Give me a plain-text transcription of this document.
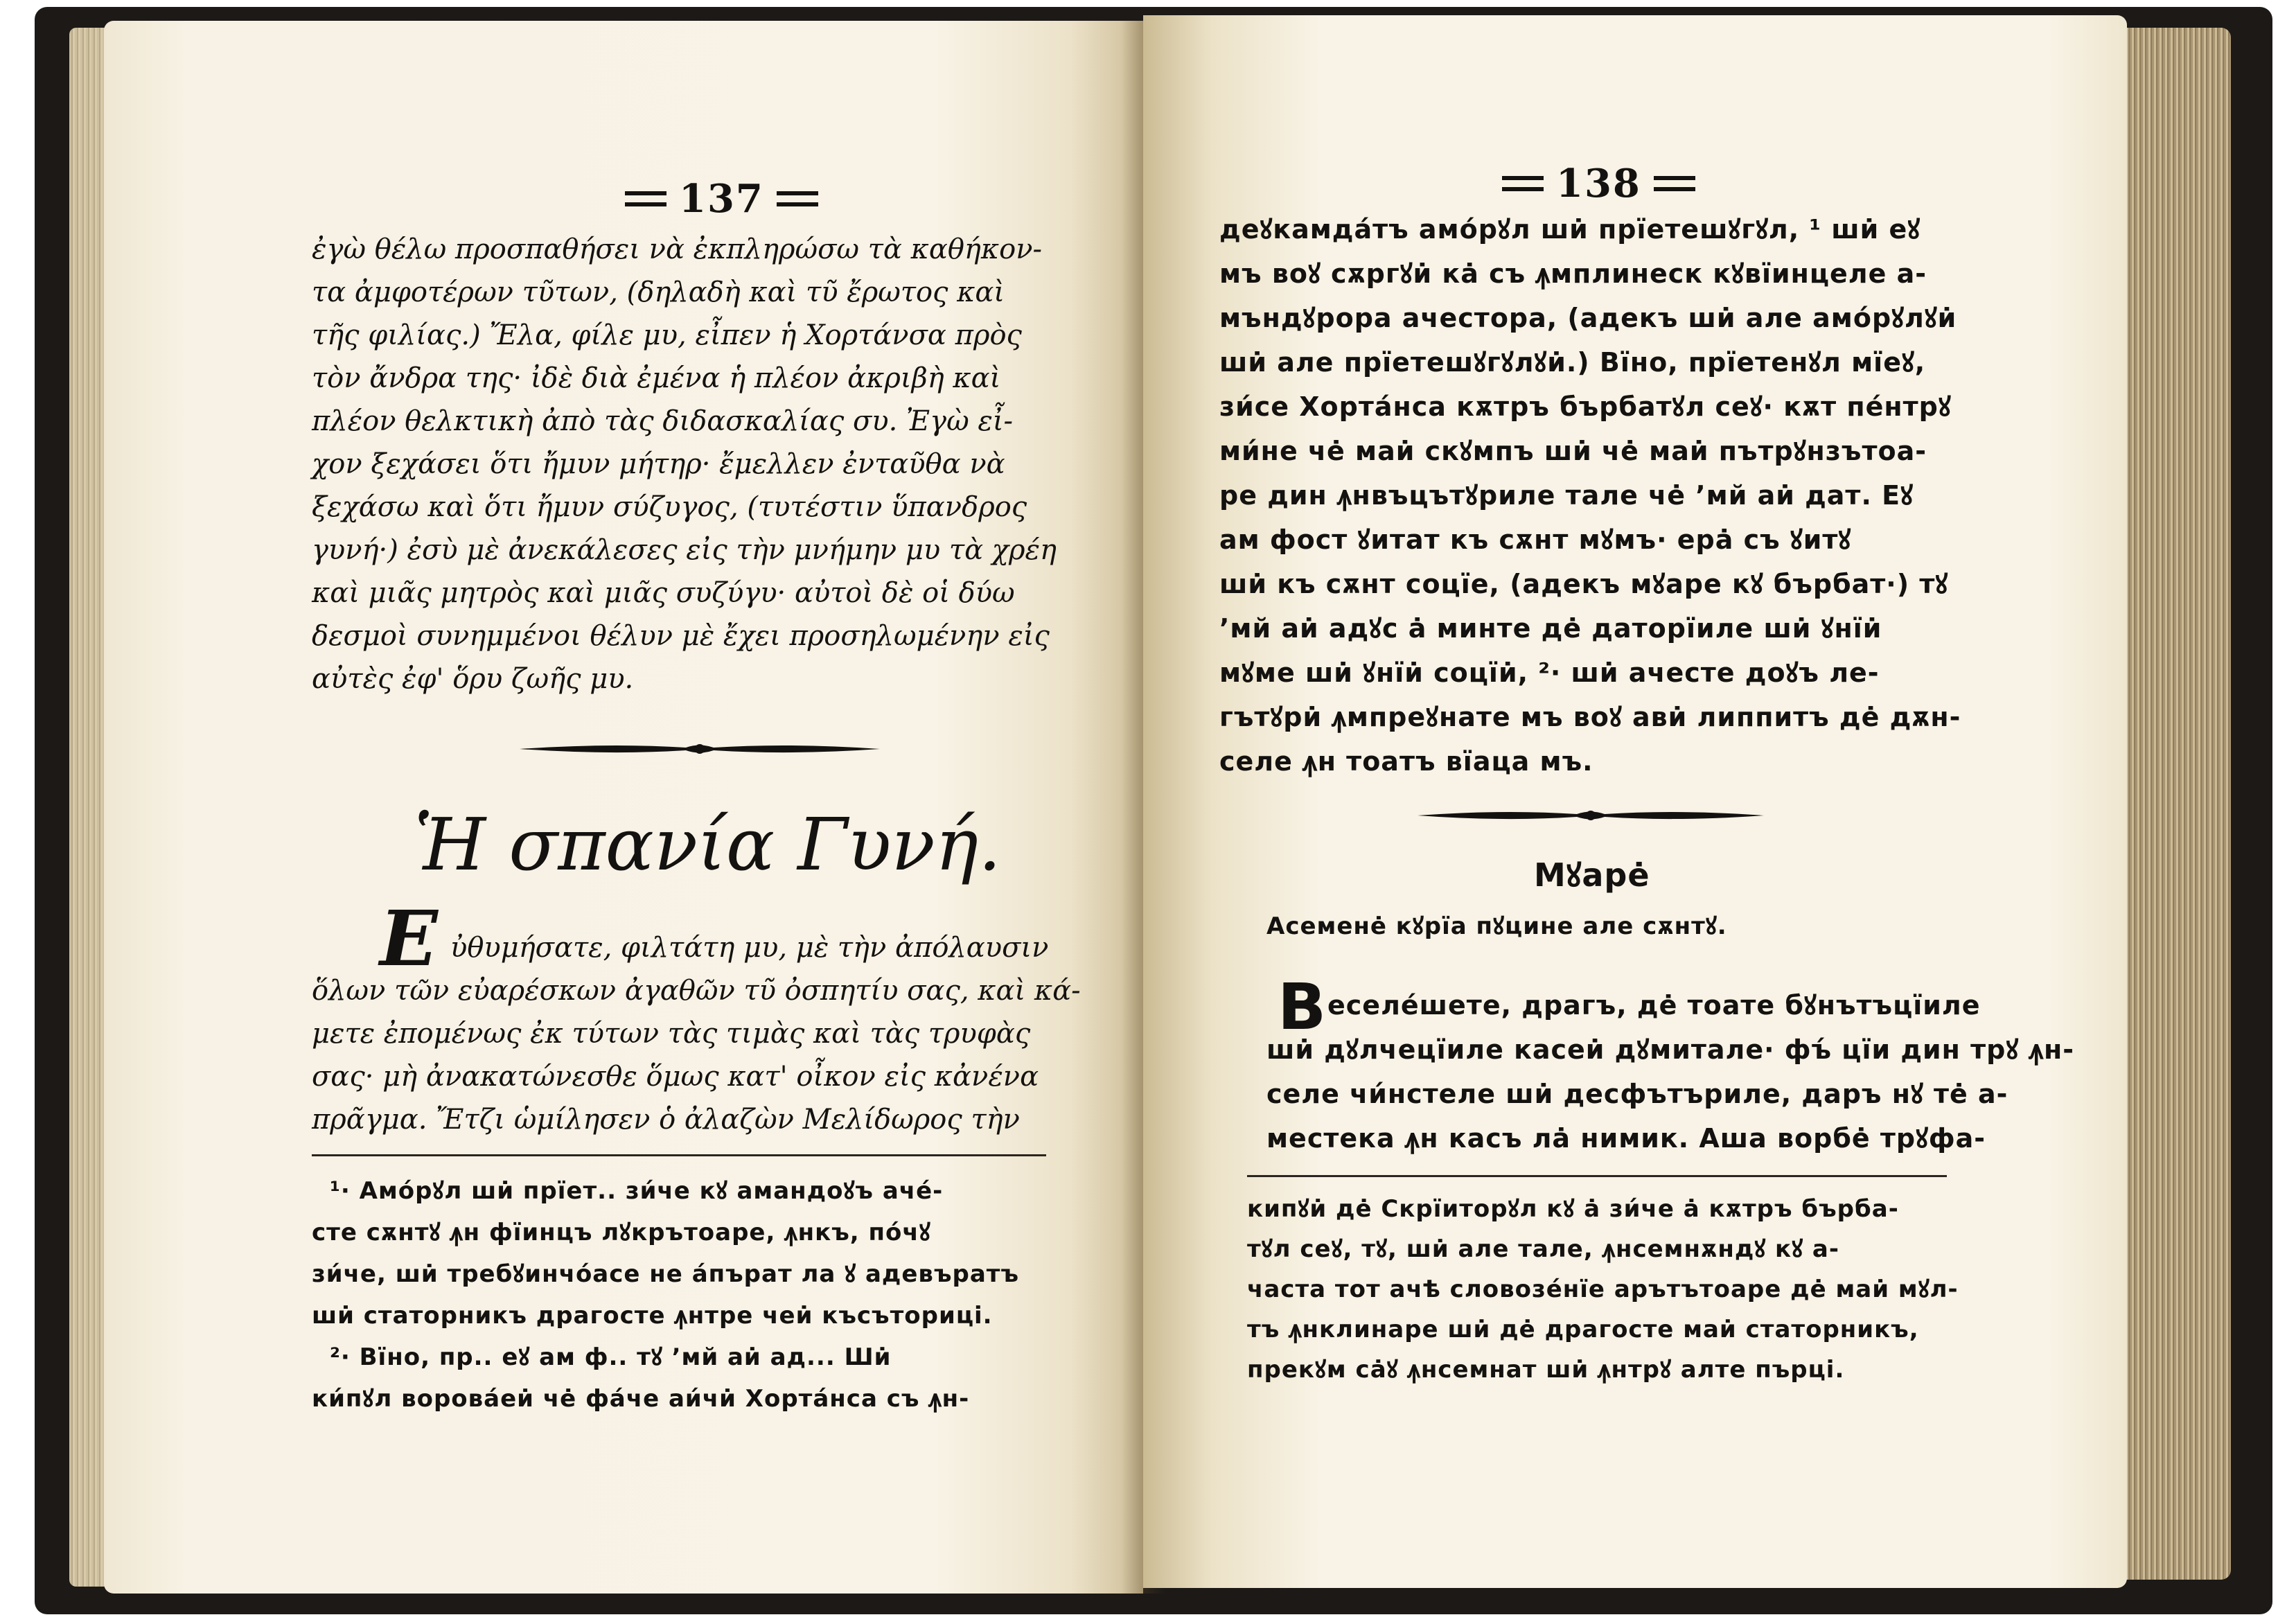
137
ἐγὼ θέλω προσπαθήσει νὰ ἐκπληρώσω τὰ καθήκον-
τα ἀμφοτέρων τῦτων, (δηλαδὴ καὶ τῦ ἔρωτος καὶ
τῆς φιλίας.) Ἔλα, φίλε μυ, εἶπεν ἡ Χορτάνσα πρὸς
τὸν ἄνδρα της· ἰδὲ διὰ ἐμένα ἡ πλέον ἀκριβὴ καὶ
πλέον θελκτικὴ ἀπὸ τὰς διδασκαλίας συ. Ἐγὼ εἶ-
χον ξεχάσει ὅτι ἤμυν μήτηρ· ἔμελλεν ἐνταῦθα νὰ
ξεχάσω καὶ ὅτι ἤμυν σύζυγος, (τυτέστιν ὕπανδρος
γυνή·) ἐσὺ μὲ ἀνεκάλεσες εἰς τὴν μνήμην μυ τὰ χρέη
καὶ μιᾶς μητρὸς καὶ μιᾶς συζύγυ· αὐτοὶ δὲ οἱ δύω
δεσμοὶ συνημμένοι θέλυν μὲ ἔχει προσηλωμένην εἰς
αὐτὲς ἐφ' ὅρυ ζωῆς μυ.
Ἡ σπανία Γυνή.
Ε ὐθυμήσατε, φιλτάτη μυ, μὲ τὴν ἀπόλαυσιν
ὅλων τῶν εὐαρέσκων ἀγαθῶν τῦ ὀσπητίυ σας, καὶ κά-
μετε ἐπομένως ἐκ τύτων τὰς τιμὰς καὶ τὰς τρυφὰς
σας· μὴ ἀνακατώνεσθε ὅμως κατ' οἶκον εἰς κἀνένα
πρᾶγμα. Ἔτζι ὡμίλησεν ὁ ἀλαζὼν Μελίδωρος τὴν
¹· Амо́рꙋл ши̇ прїет.. зи́че кꙋ амандоꙋъ аче́-
сте сѫнтꙋ ꙟн фїинцъ лꙋкрътоаре, ꙟнкъ, по́чꙋ
зи́че, ши̇ требꙋинчо́асе не а́пърат ла ꙋ адевъратъ
ши̇ статорникъ драгосте ꙟнтре чеи̇ късъториці.
²· Вїно, пр.. еꙋ ам ф.. тꙋ ʼмй аи̇ ад... Ши̇
ки́пꙋл ворова́еи̇ че̇ фа́че аи́чи̇ Хорта́нса съ ꙟн-
138
деꙋкамда́тъ амо́рꙋл ши̇ прїетешꙋгꙋл, ¹ ши̇ еꙋ
мъ воꙋ сѫргꙋи̇ ка̇ съ ꙟмплинеск кꙋвїинцеле а-
мъндꙋрора ачестора, (адекъ ши̇ але амо́рꙋлꙋи̇
ши̇ але прїетешꙋгꙋлꙋи̇.) Вїно, прїетенꙋл мїеꙋ,
зи́се Хорта́нса кѫтръ бърбатꙋл сеꙋ· кѫт пе́нтрꙋ
ми́не че̇ маи̇ скꙋмпъ ши̇ че̇ маи̇ пътрꙋнзътоа-
ре дин ꙟнвъцътꙋриле тале че̇ ʼмй аи̇ дат. Еꙋ
ам фост ꙋитат къ сѫнт мꙋмъ· ера̇ съ ꙋитꙋ
ши̇ къ сѫнт соцїе, (адекъ мꙋаре кꙋ бърбат·) тꙋ
ʼмй аи̇ адꙋс а̇ минте де̇ даторїиле ши̇ ꙋнїи̇
мꙋме ши̇ ꙋнїи̇ соцїи̇, ²· ши̇ ачесте доꙋъ ле-
гътꙋри̇ ꙟмпреꙋнате мъ воꙋ ави̇ липпитъ де̇ дѫн-
селе ꙟн тоатъ вїаца мъ.
Мꙋаре̇
Асемене̇ кꙋрїа пꙋцине але сѫнтꙋ.
В еселе́шете, драгъ, де̇ тоате бꙋнътъцїиле
ши̇ дꙋлчецїиле касеи̇ дꙋмитале· фъ́ цїи дин трꙋ ꙟн-
селе чи́нстеле ши̇ десфътъриле, даръ нꙋ те̇ а-
местека ꙟн касъ ла̇ нимик. Аша ворбе̇ трꙋфа-
кипꙋи̇ де̇ Скрїиторꙋл кꙋ а̇ зи́че а̇ кѫтръ бърба-
тꙋл сеꙋ, тꙋ, ши̇ але тале, ꙟнсемнѫндꙋ кꙋ а-
часта тот ачѣ словозе́нїе арътътоаре де̇ маи̇ мꙋл-
тъ ꙟнклинаре ши̇ де̇ драгосте маи̇ статорникъ,
прекꙋм са̇ꙋ ꙟнсемнат ши̇ ꙟнтрꙋ алте пърці.
